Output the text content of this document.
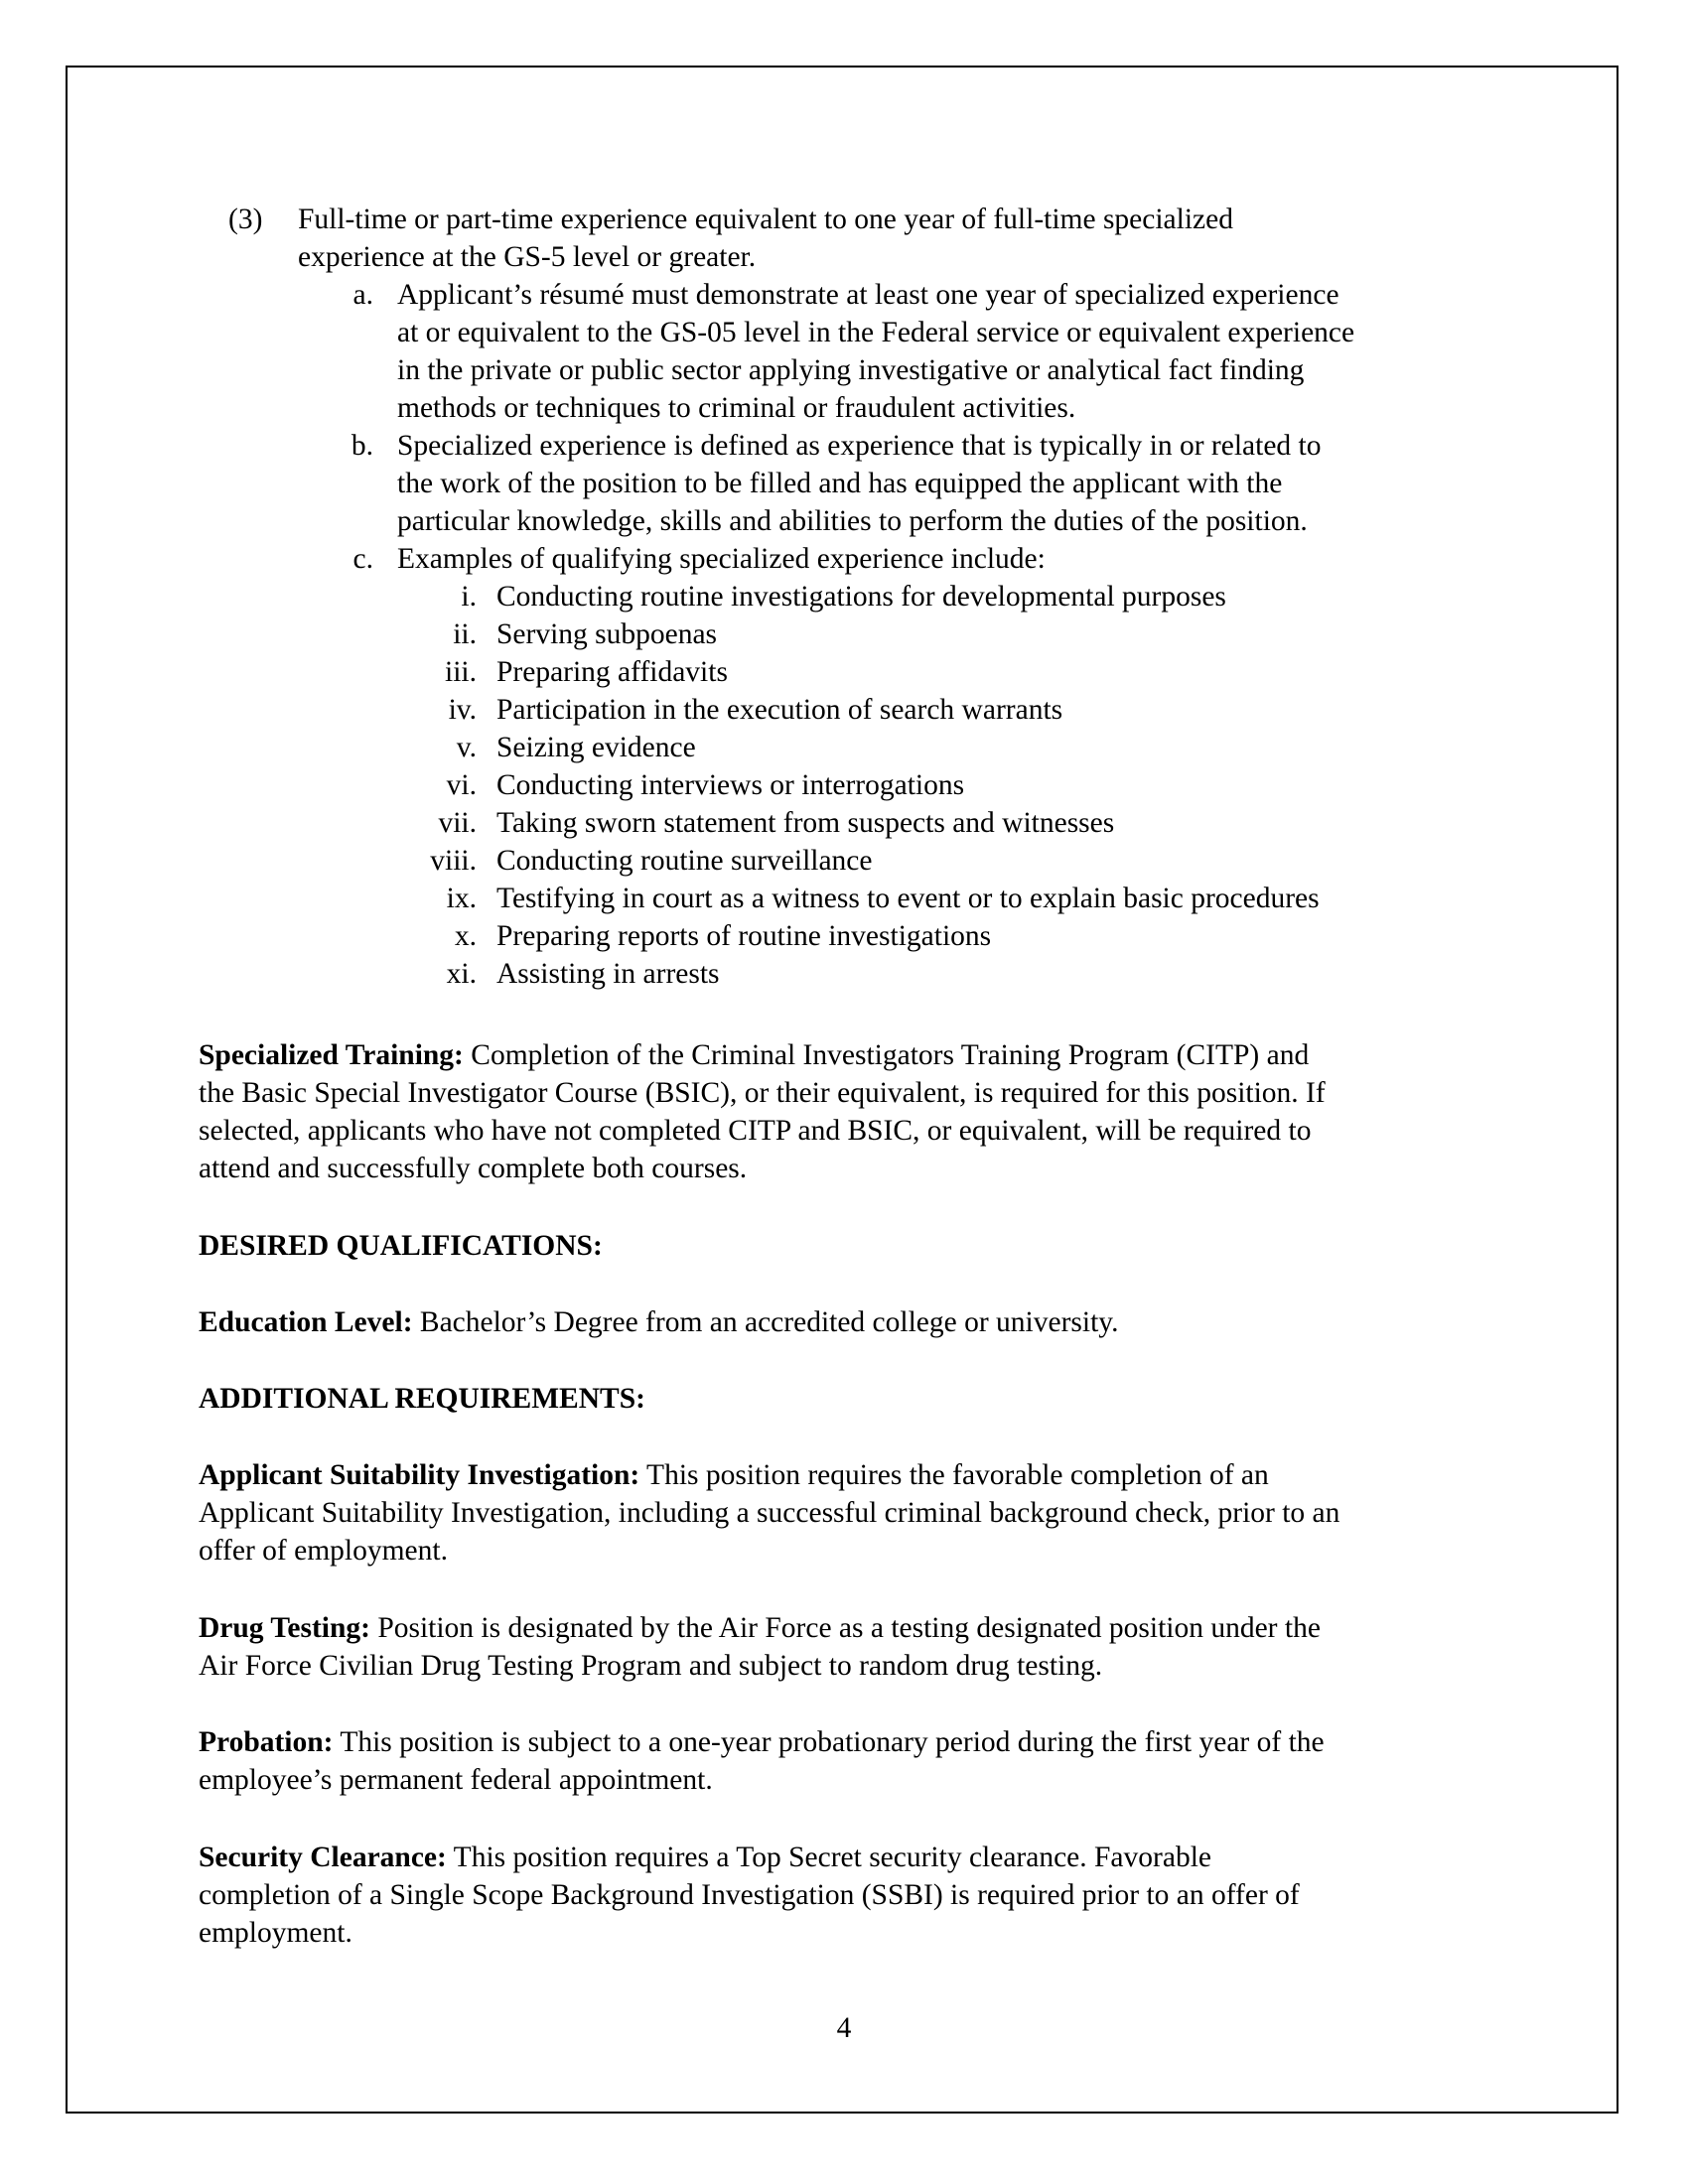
(3)	Full-time or part-time experience equivalent to one year of full-time specialized
experience at the GS-5 level or greater.
a. Applicant’s résumé must demonstrate at least one year of specialized experience
at or equivalent to the GS-05 level in the Federal service or equivalent experience
in the private or public sector applying investigative or analytical fact finding
methods or techniques to criminal or fraudulent activities.
b. Specialized experience is defined as experience that is typically in or related to
the work of the position to be filled and has equipped the applicant with the
particular knowledge, skills and abilities to perform the duties of the position.
c. Examples of qualifying specialized experience include:
i. Conducting routine investigations for developmental purposes
ii. Serving subpoenas
iii. Preparing affidavits
iv. Participation in the execution of search warrants
v. Seizing evidence
vi. Conducting interviews or interrogations
vii. Taking sworn statement from suspects and witnesses
viii. Conducting routine surveillance
ix. Testifying in court as a witness to event or to explain basic procedures
x. Preparing reports of routine investigations
xi. Assisting in arrests
Specialized Training: Completion of the Criminal Investigators Training Program (CITP) and
the Basic Special Investigator Course (BSIC), or their equivalent, is required for this position. If
selected, applicants who have not completed CITP and BSIC, or equivalent, will be required to
attend and successfully complete both courses.
DESIRED QUALIFICATIONS:
Education Level: Bachelor’s Degree from an accredited college or university.
ADDITIONAL REQUIREMENTS:
Applicant Suitability Investigation: This position requires the favorable completion of an
Applicant Suitability Investigation, including a successful criminal background check, prior to an
offer of employment.
Drug Testing: Position is designated by the Air Force as a testing designated position under the
Air Force Civilian Drug Testing Program and subject to random drug testing.
Probation: This position is subject to a one-year probationary period during the first year of the
employee’s permanent federal appointment.
Security Clearance: This position requires a Top Secret security clearance. Favorable
completion of a Single Scope Background Investigation (SSBI) is required prior to an offer of
employment.
4
